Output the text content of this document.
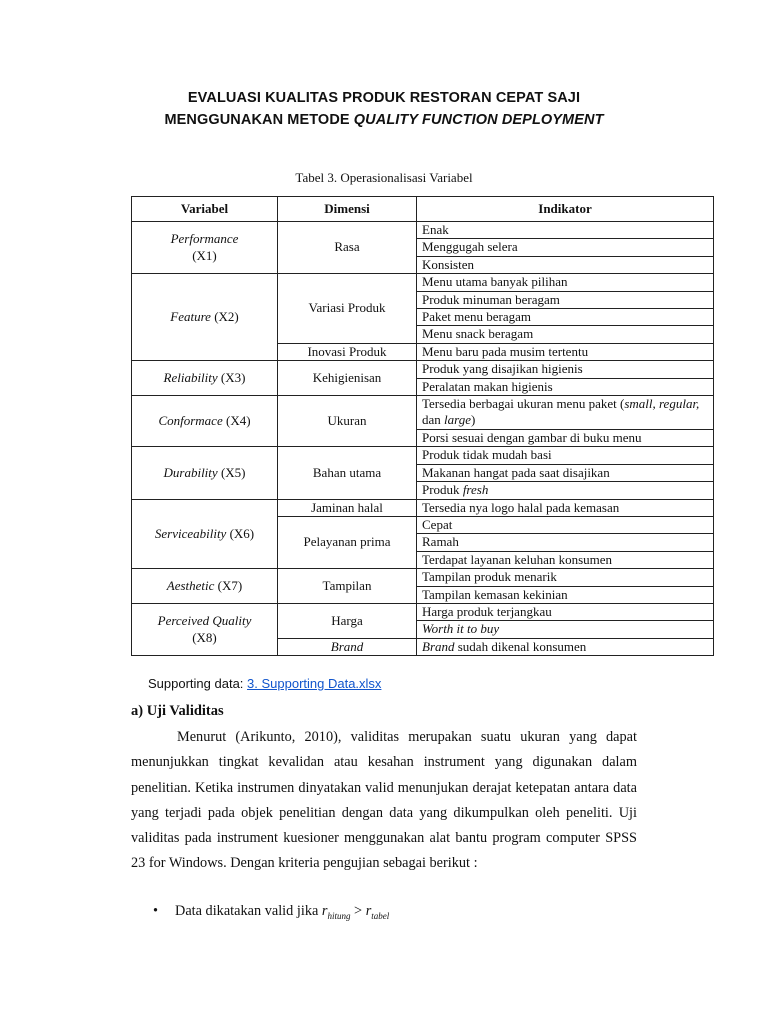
EVALUASI KUALITAS PRODUK RESTORAN CEPAT SAJI
MENGGUNAKAN METODE QUALITY FUNCTION DEPLOYMENT
Tabel 3. Operasionalisasi Variabel
Variabel	Dimensi	Indikator
Performance
(X1)	Rasa	Enak
		Menggugah selera
		Konsisten
Feature (X2)	Variasi Produk	Menu utama banyak pilihan
		Produk minuman beragam
		Paket menu beragam
		Menu snack beragam
	Inovasi Produk	Menu baru pada musim tertentu
Reliability (X3)	Kehigienisan	Produk yang disajikan higienis
		Peralatan makan higienis
Conformace (X4)	Ukuran	Tersedia berbagai ukuran menu paket (small, regular, dan large)
		Porsi sesuai dengan gambar di buku menu
Durability (X5)	Bahan utama	Produk tidak mudah basi
		Makanan hangat pada saat disajikan
		Produk fresh
Serviceability (X6)	Jaminan halal	Tersedia nya logo halal pada kemasan
	Pelayanan prima	Cepat
		Ramah
		Terdapat layanan keluhan konsumen
Aesthetic (X7)	Tampilan	Tampilan produk menarik
		Tampilan kemasan kekinian
Perceived Quality
(X8)	Harga	Harga produk terjangkau
		Worth it to buy
	Brand	Brand sudah dikenal konsumen
Supporting data: 3. Supporting Data.xlsx
a) Uji Validitas
Menurut (Arikunto, 2010), validitas merupakan suatu ukuran yang dapat menunjukkan tingkat kevalidan atau kesahan instrument yang digunakan dalam penelitian. Ketika instrumen dinyatakan valid menunjukan derajat ketepatan antara data yang terjadi pada objek penelitian dengan data yang dikumpulkan oleh peneliti. Uji validitas pada instrument kuesioner menggunakan alat bantu program computer SPSS 23 for Windows. Dengan kriteria pengujian sebagai berikut :
• Data dikatakan valid jika $r_{hitung} > r_{tabel}$
